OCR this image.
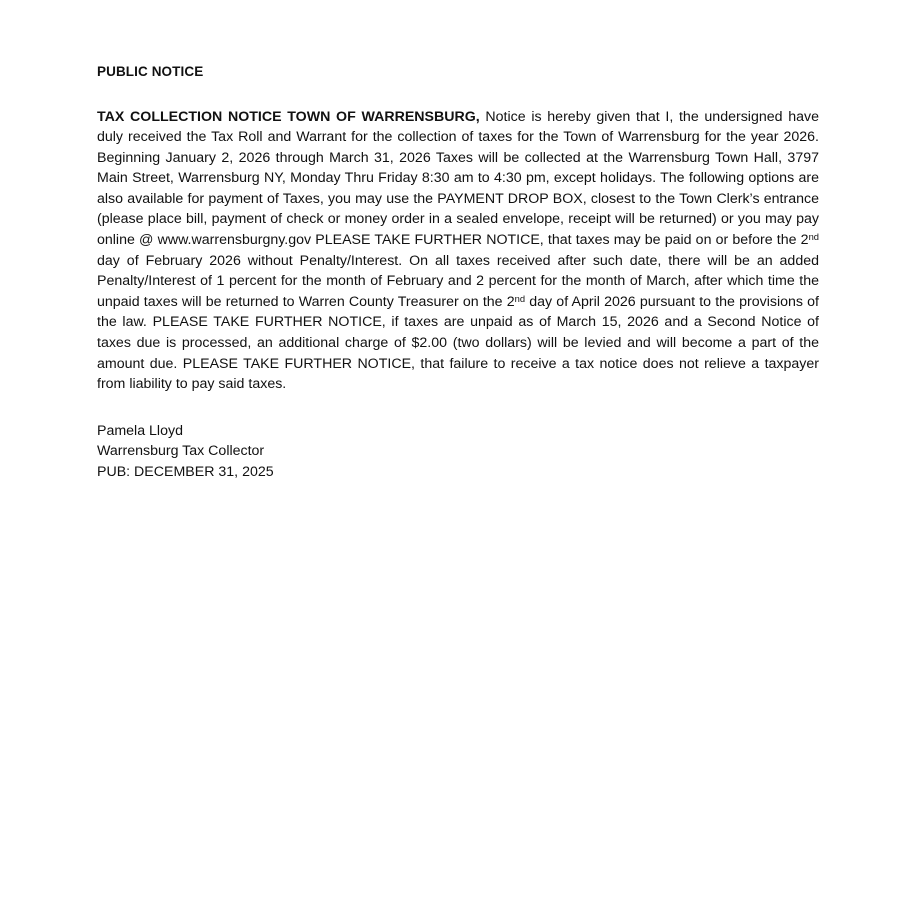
PUBLIC NOTICE

TAX COLLECTION NOTICE TOWN OF WARRENSBURG, Notice is hereby given that I, the undersigned have duly received the Tax Roll and Warrant for the collection of taxes for the Town of Warrensburg for the year 2026. Beginning January 2, 2026 through March 31, 2026 Taxes will be collected at the Warrensburg Town Hall, 3797 Main Street, Warrensburg NY, Monday Thru Friday 8:30 am to 4:30 pm, except holidays. The following options are also available for payment of Taxes, you may use the PAYMENT DROP BOX, closest to the Town Clerk’s entrance (please place bill, payment of check or money order in a sealed envelope, receipt will be returned) or you may pay online @ www.warrensburgny.gov PLEASE TAKE FURTHER NOTICE, that taxes may be paid on or before the 2nd day of February 2026 without Penalty/Interest. On all taxes received after such date, there will be an added Penalty/Interest of 1 percent for the month of February and 2 percent for the month of March, after which time the unpaid taxes will be returned to Warren County Treasurer on the 2nd day of April 2026 pursuant to the provisions of the law. PLEASE TAKE FURTHER NOTICE, if taxes are unpaid as of March 15, 2026 and a Second Notice of taxes due is processed, an additional charge of $2.00 (two dollars) will be levied and will become a part of the amount due. PLEASE TAKE FURTHER NOTICE, that failure to receive a tax notice does not relieve a taxpayer from liability to pay said taxes.

Pamela Lloyd

Warrensburg Tax Collector

PUB: DECEMBER 31, 2025
